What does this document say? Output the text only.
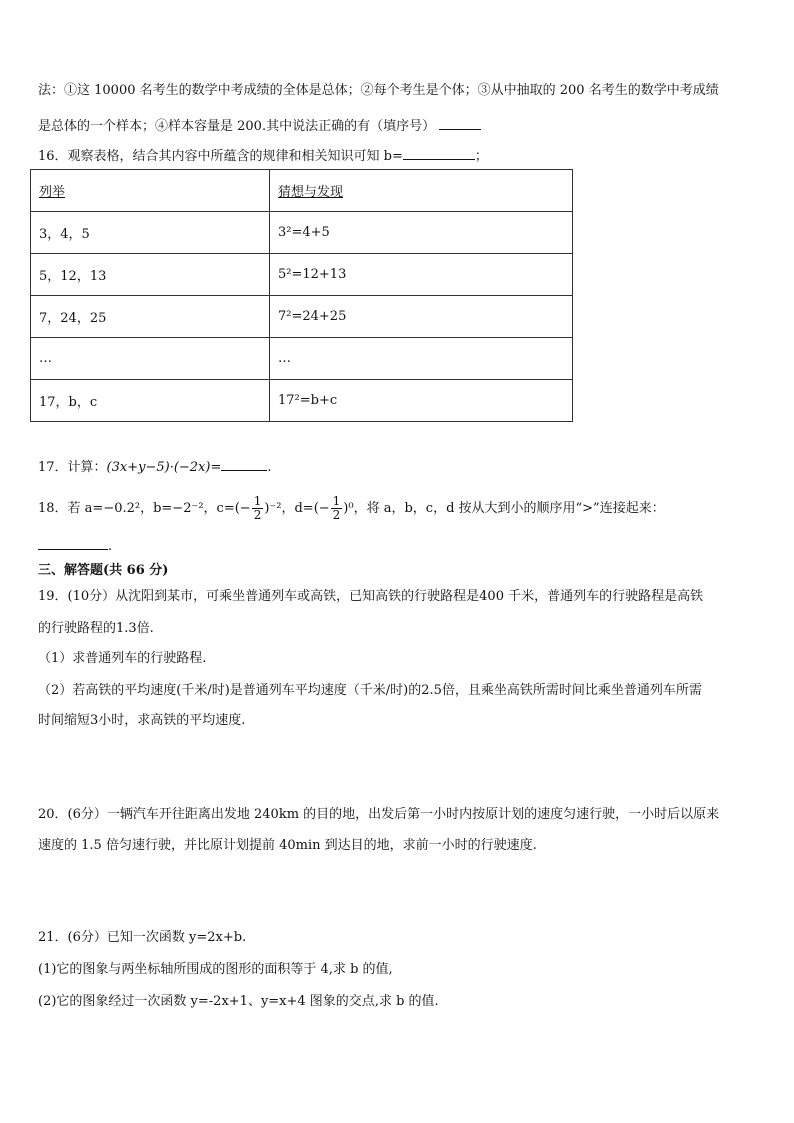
法：①这 10000 名考生的数学中考成绩的全体是总体；②每个考生是个体；③从中抽取的 200 名考生的数学中考成绩
是总体的一个样本；④样本容量是 200.其中说法正确的有（填序号）
16．观察表格，结合其内容中所蕴含的规律和相关知识可知 b=	；
列举	猜想与发现
3，4，5	3²=4+5
5，12，13	5²=12+13
7，24，25	7²=24+25
…	…
17，b，c	17²=b+c
17．计算：(3x+y−5)·(−2x)=	.
18．若 a=−0.2²，b=−2⁻²，$c=(- \frac{1}{2} )^{-2}$，$d=(- \frac{1}{2} )^0$，将 a，b，c，d 按从大到小的顺序用“>”连接起来：
.
三、解答题(共 66 分)
19．(10分）从沈阳到某市，可乘坐普通列车或高铁，已知高铁的行驶路程是400 千米，普通列车的行驶路程是高铁
的行驶路程的1.3倍.
（1）求普通列车的行驶路程.
（2）若高铁的平均速度(千米/时)是普通列车平均速度（千米/时)的2.5倍，且乘坐高铁所需时间比乘坐普通列车所需
时间缩短3小时，求高铁的平均速度.
20．(6分）一辆汽车开往距离出发地 240km 的目的地，出发后第一小时内按原计划的速度匀速行驶，一小时后以原来
速度的 1.5 倍匀速行驶，并比原计划提前 40min 到达目的地，求前一小时的行驶速度.
21．(6分）已知一次函数 y=2x+b.
(1)它的图象与两坐标轴所围成的图形的面积等于 4,求 b 的值,
(2)它的图象经过一次函数 y=-2x+1、y=x+4 图象的交点,求 b 的值.
